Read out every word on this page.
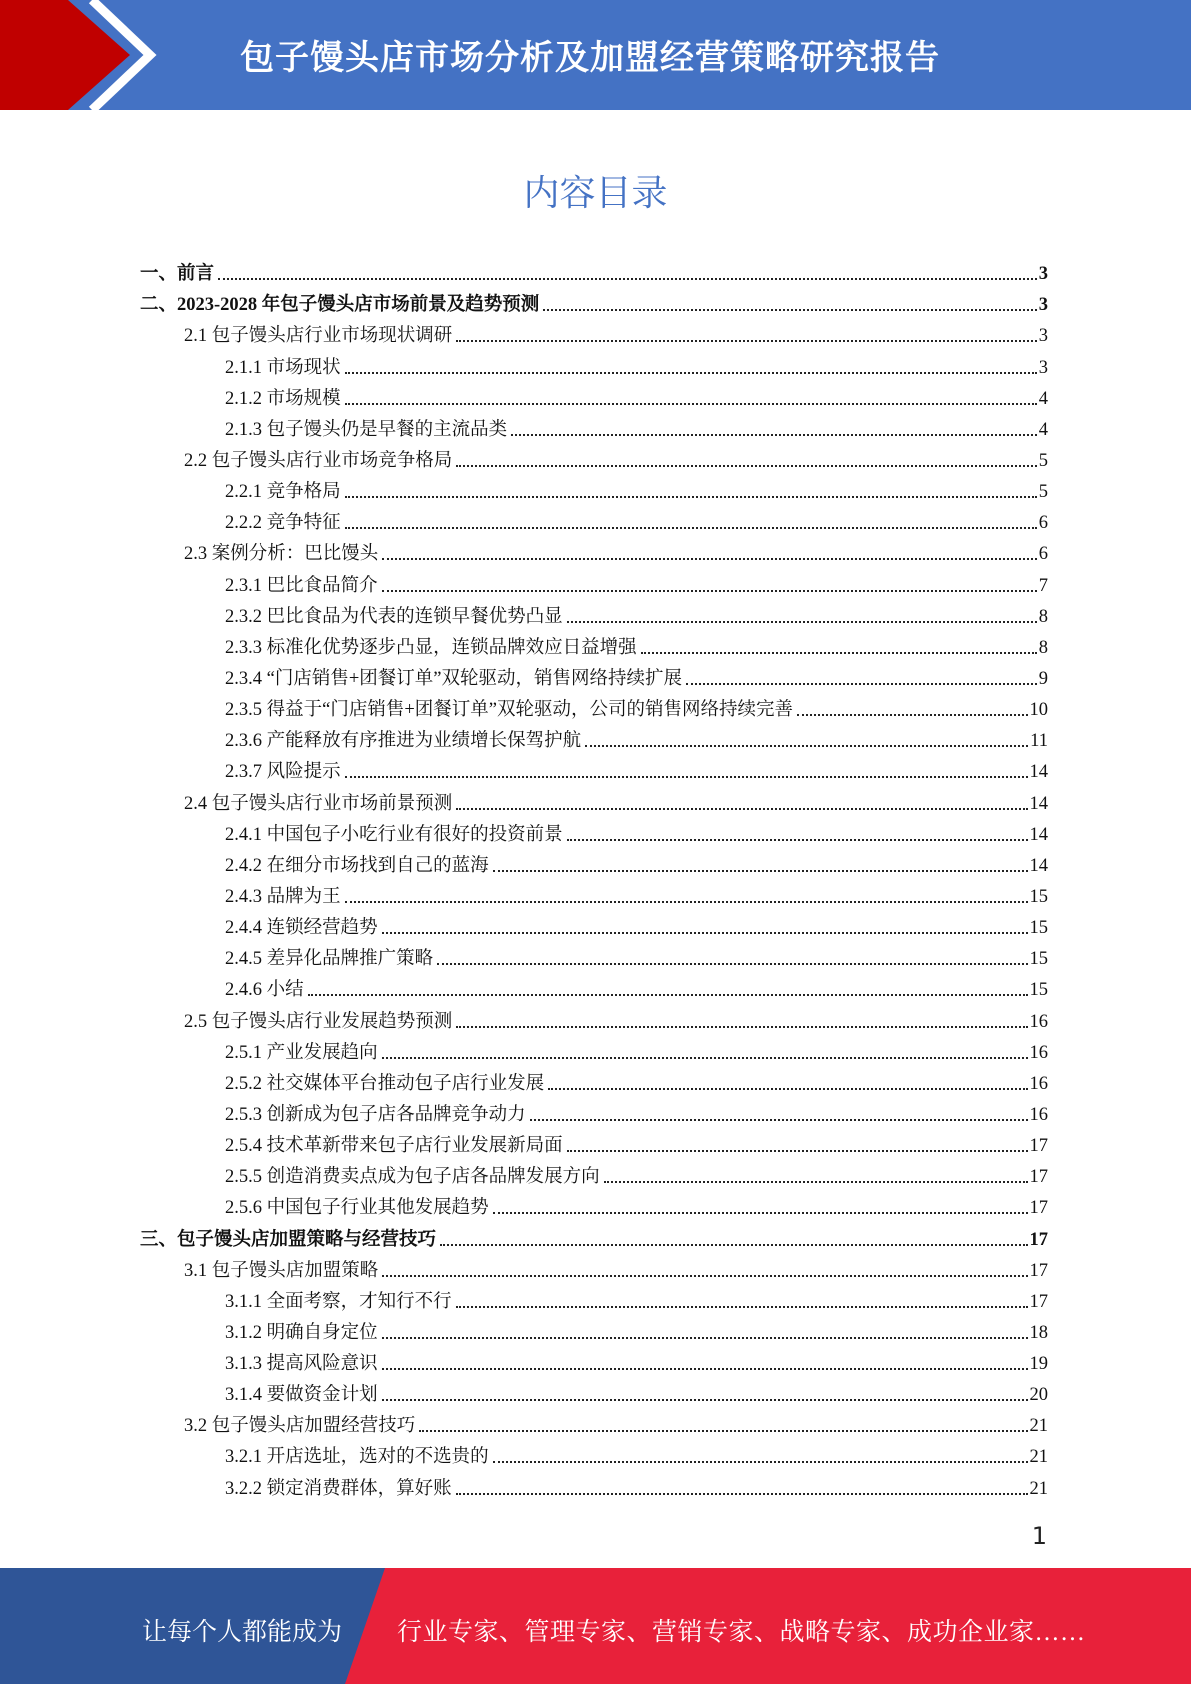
包子馒头店市场分析及加盟经营策略研究报告
内容目录
一、前言	3
二、2023-2028 年包子馒头店市场前景及趋势预测	3
2.1 包子馒头店行业市场现状调研	3
2.1.1 市场现状	3
2.1.2 市场规模	4
2.1.3 包子馒头仍是早餐的主流品类	4
2.2 包子馒头店行业市场竞争格局	5
2.2.1 竞争格局	5
2.2.2 竞争特征	6
2.3 案例分析：巴比馒头	6
2.3.1 巴比食品简介	7
2.3.2 巴比食品为代表的连锁早餐优势凸显	8
2.3.3 标准化优势逐步凸显，连锁品牌效应日益增强	8
2.3.4 “门店销售+团餐订单”双轮驱动，销售网络持续扩展	9
2.3.5 得益于“门店销售+团餐订单”双轮驱动，公司的销售网络持续完善	10
2.3.6 产能释放有序推进为业绩增长保驾护航	11
2.3.7 风险提示	14
2.4 包子馒头店行业市场前景预测	14
2.4.1 中国包子小吃行业有很好的投资前景	14
2.4.2 在细分市场找到自己的蓝海	14
2.4.3 品牌为王	15
2.4.4 连锁经营趋势	15
2.4.5 差异化品牌推广策略	15
2.4.6 小结	15
2.5 包子馒头店行业发展趋势预测	16
2.5.1 产业发展趋向	16
2.5.2 社交媒体平台推动包子店行业发展	16
2.5.3 创新成为包子店各品牌竞争动力	16
2.5.4 技术革新带来包子店行业发展新局面	17
2.5.5 创造消费卖点成为包子店各品牌发展方向	17
2.5.6 中国包子行业其他发展趋势	17
三、包子馒头店加盟策略与经营技巧	17
3.1 包子馒头店加盟策略	17
3.1.1 全面考察，才知行不行	17
3.1.2 明确自身定位	18
3.1.3 提高风险意识	19
3.1.4 要做资金计划	20
3.2 包子馒头店加盟经营技巧	21
3.2.1 开店选址，选对的不选贵的	21
3.2.2 锁定消费群体，算好账	21
1
让每个人都能成为 行业专家、管理专家、营销专家、战略专家、成功企业家……
